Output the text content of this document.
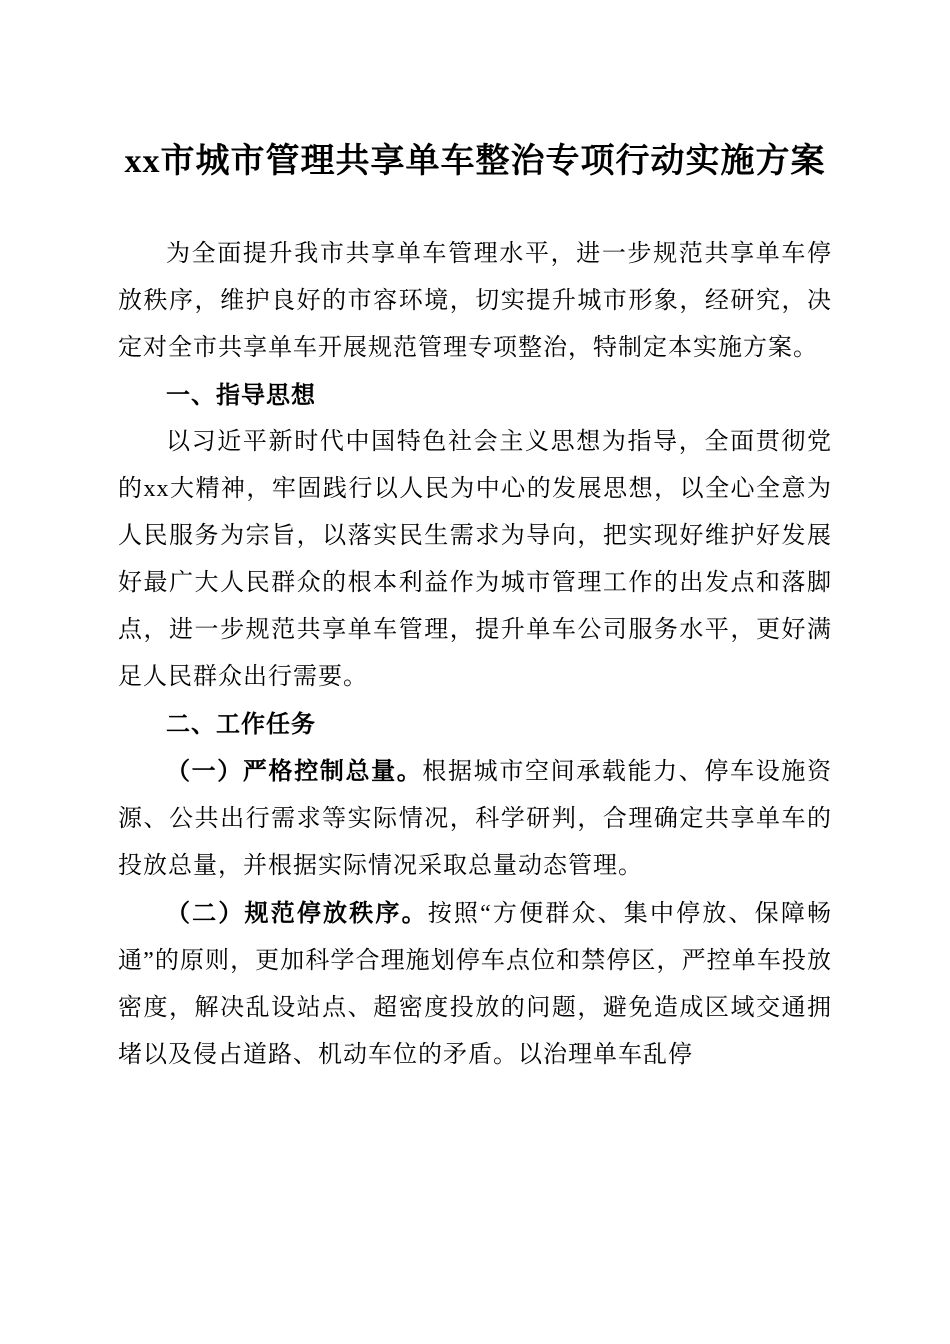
xx市城市管理共享单车整治专项行动实施方案

为全面提升我市共享单车管理水平，进一步规范共享单车停放秩序，维护良好的市容环境，切实提升城市形象，经研究，决定对全市共享单车开展规范管理专项整治，特制定本实施方案。

一、指导思想

以习近平新时代中国特色社会主义思想为指导，全面贯彻党的xx大精神，牢固践行以人民为中心的发展思想，以全心全意为人民服务为宗旨，以落实民生需求为导向，把实现好维护好发展好最广大人民群众的根本利益作为城市管理工作的出发点和落脚点，进一步规范共享单车管理，提升单车公司服务水平，更好满足人民群众出行需要。

二、工作任务

（一）严格控制总量。根据城市空间承载能力、停车设施资源、公共出行需求等实际情况，科学研判，合理确定共享单车的投放总量，并根据实际情况采取总量动态管理。

（二）规范停放秩序。按照“方便群众、集中停放、保障畅通”的原则，更加科学合理施划停车点位和禁停区，严控单车投放密度，解决乱设站点、超密度投放的问题，避免造成区域交通拥堵以及侵占道路、机动车位的矛盾。以治理单车乱停
